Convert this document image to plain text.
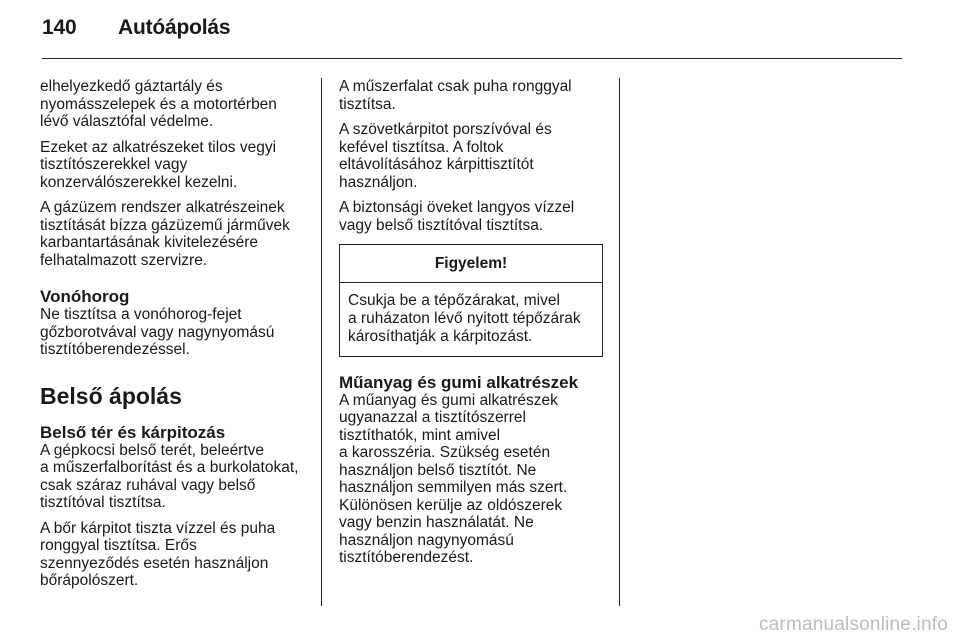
140 Autóápolás

elhelyezkedő gáztartály és
nyomásszelepek és a motortérben
lévő választófal védelme.

Ezeket az alkatrészeket tilos vegyi
tisztítószerekkel vagy
konzerválószerekkel kezelni.

A gázüzem rendszer alkatrészeinek
tisztítását bízza gázüzemű járművek
karbantartásának kivitelezésére
felhatalmazott szervizre.

Vonóhorog

Ne tisztítsa a vonóhorog-fejet
gőzborotvával vagy nagynyomású
tisztítóberendezéssel.

Belső ápolás
Belső tér és kárpitozás

A gépkocsi belső terét, beleértve
a műszerfalborítást és a burkolatokat,
csak száraz ruhával vagy belső
tisztítóval tisztítsa.

A bőr kárpitot tiszta vízzel és puha
ronggyal tisztítsa. Erős
szennyeződés esetén használjon
bőrápolószert.

A műszerfalat csak puha ronggyal
tisztítsa.

A szövetkárpitot porszívóval és
kefével tisztítsa. A foltok
eltávolításához kárpittisztítót
használjon.

A biztonsági öveket langyos vízzel
vagy belső tisztítóval tisztítsa.

Figyelem!
Csukja be a tépőzárakat, mivel
a ruházaton lévő nyitott tépőzárak
károsíthatják a kárpitozást.
Műanyag és gumi alkatrészek

A műanyag és gumi alkatrészek
ugyanazzal a tisztítószerrel
tisztíthatók, mint amivel
a karosszéria. Szükség esetén
használjon belső tisztítót. Ne
használjon semmilyen más szert.
Különösen kerülje az oldószerek
vagy benzin használatát. Ne
használjon nagynyomású
tisztítóberendezést.

carmanualsonline.info
